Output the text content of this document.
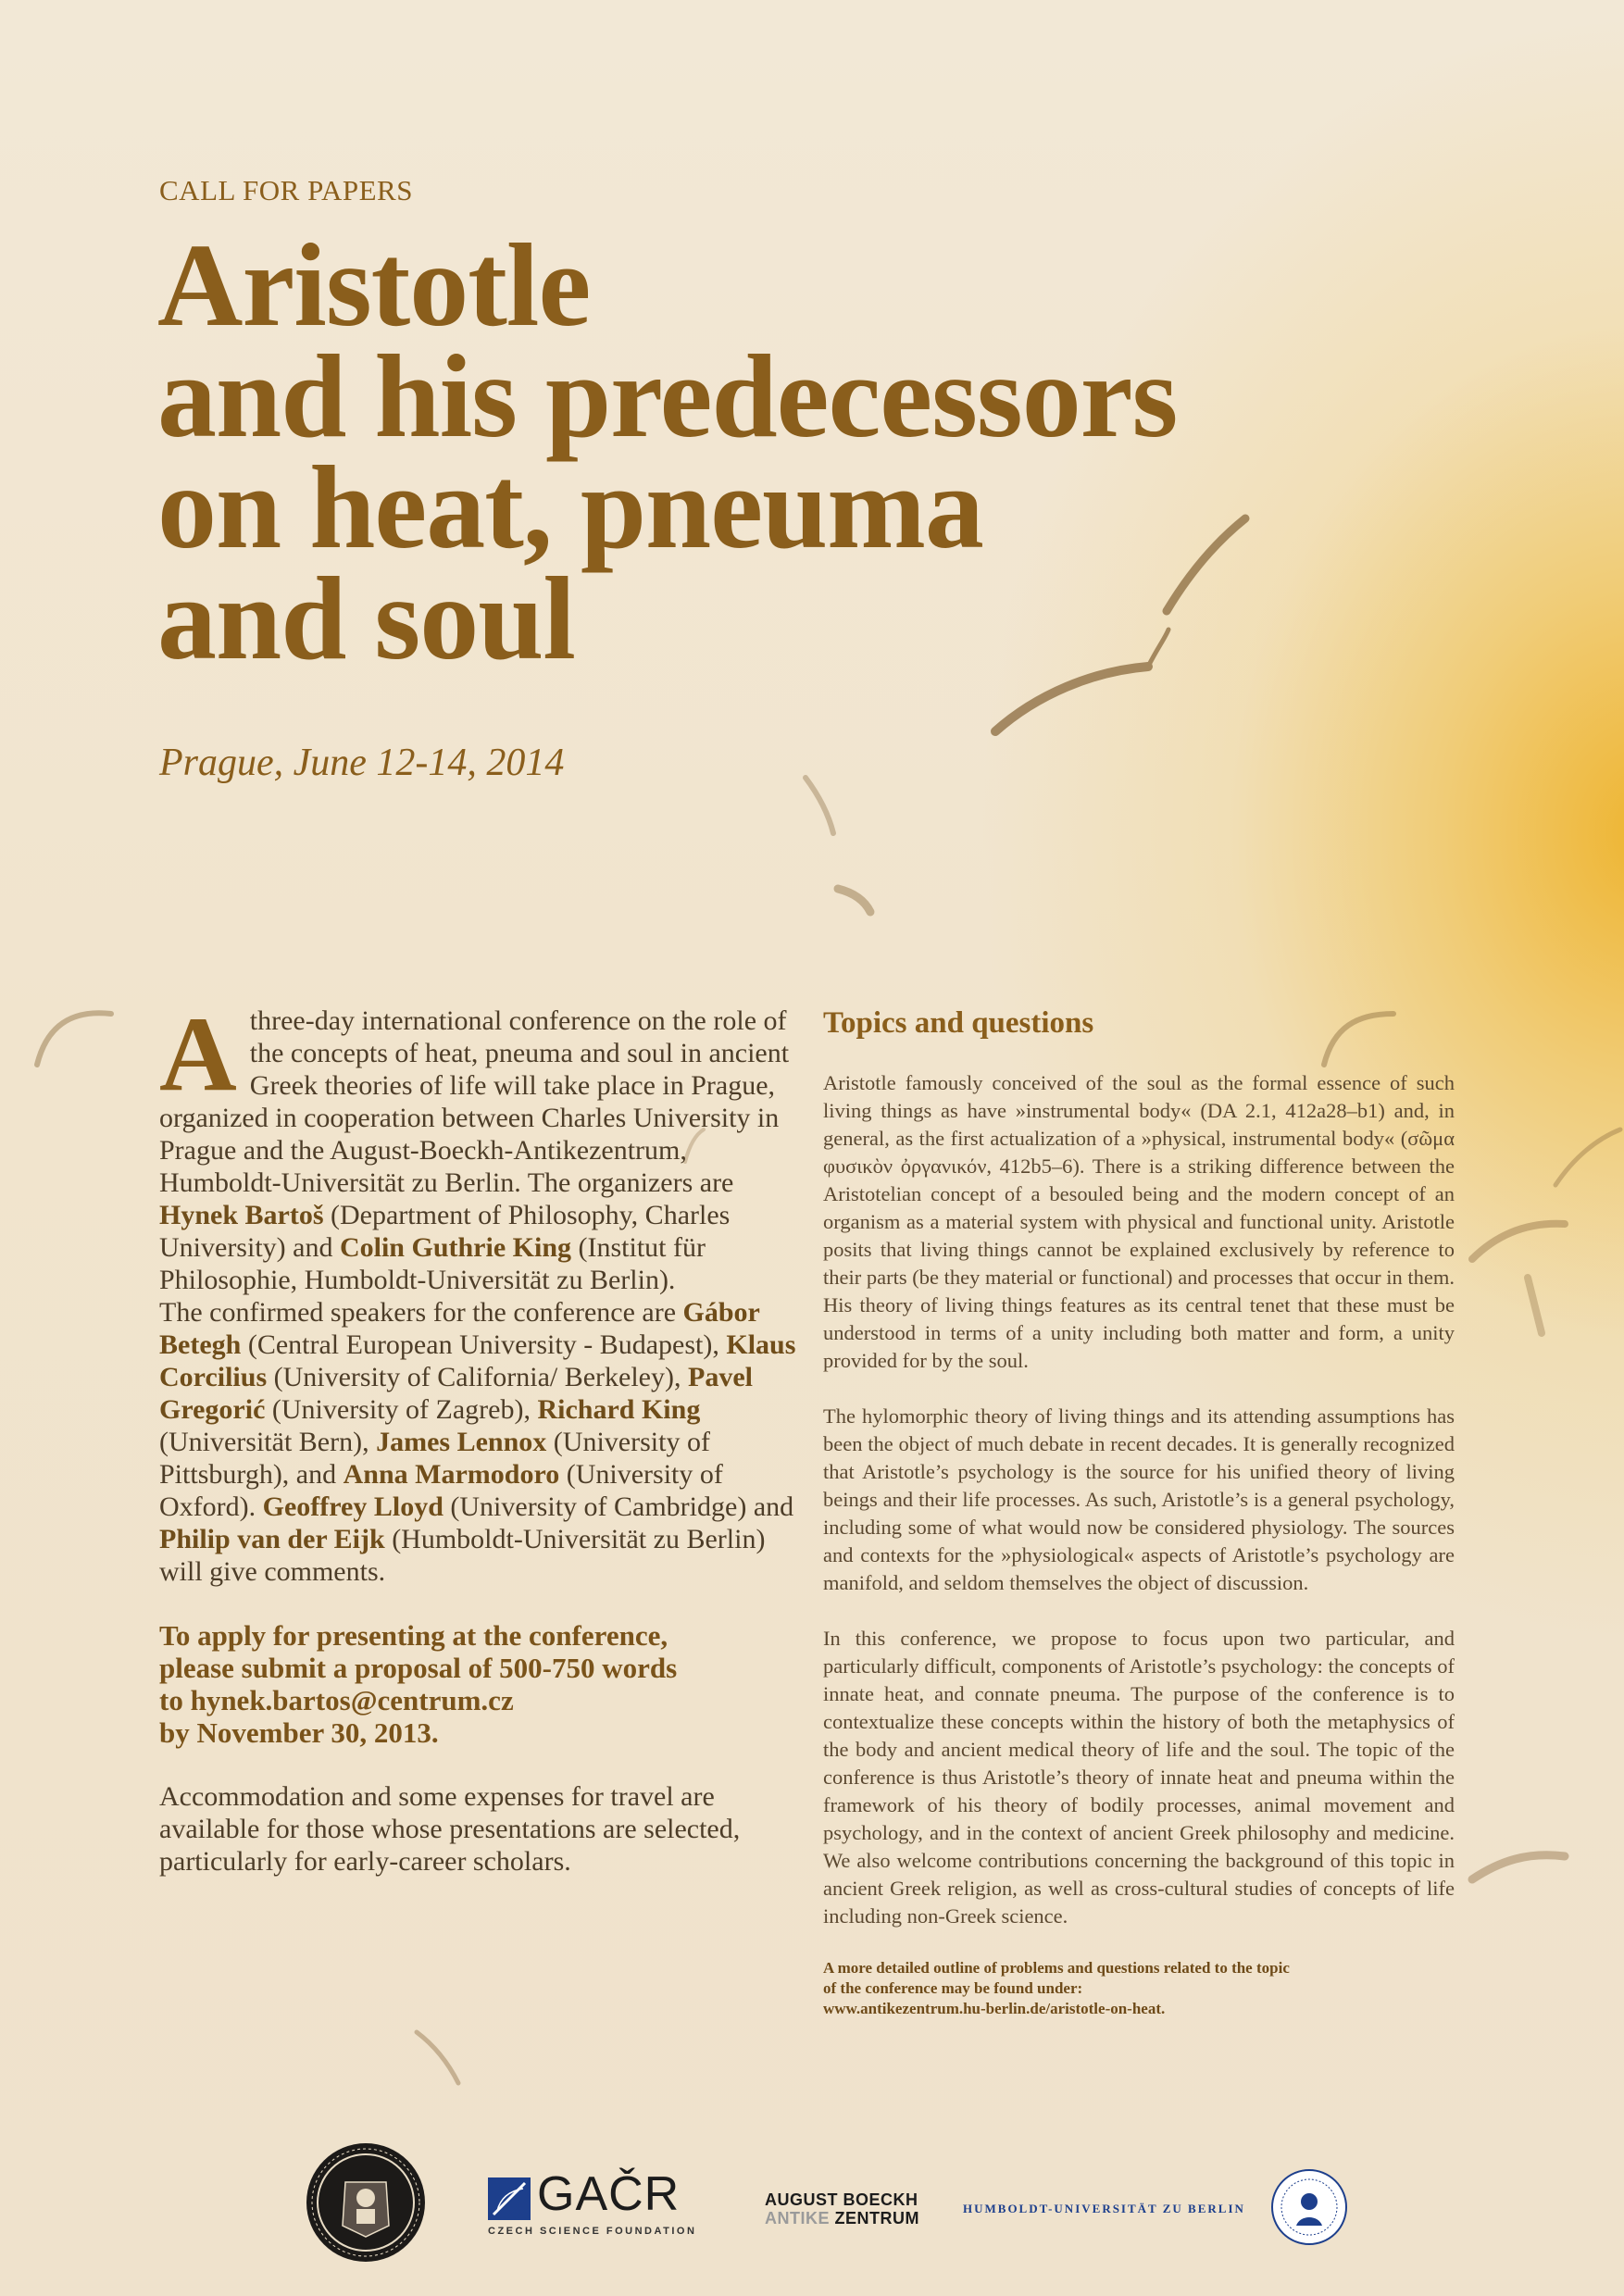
CALL FOR PAPERS
Aristotle
and his predecessors
on heat, pneuma
and soul
Prague, June 12-14, 2014

Athree-day international conference on the role of the concepts of heat, pneuma and soul in ancient Greek theories of life will take place in Prague, organized in cooperation between Charles University in Prague and the August-Boeckh-Antikezentrum, Humboldt-Universität zu Berlin. The organizers are Hynek Bartoš (Department of Philosophy, Charles University) and Colin Guthrie King (Institut für Philosophie, Humboldt-Universität zu Berlin).

The confirmed speakers for the conference are Gábor Betegh (Central European University - Budapest), Klaus Corcilius (University of California/ Berkeley), Pavel Gregorić (University of Zagreb), Richard King (Universität Bern), James Lennox (University of Pittsburgh), and Anna Marmodoro (University of Oxford). Geoffrey Lloyd (University of Cambridge) and Philip van der Eijk (Humboldt-Universität zu Berlin) will give comments.

To apply for presenting at the conference,
please submit a proposal of 500-750 words
to hynek.bartos@centrum.cz
by November 30, 2013.

Accommodation and some expenses for travel are available for those whose presentations are selected, particularly for early-career scholars.

Topics and questions

Aristotle famously conceived of the soul as the formal essence of such living things as have »instrumental body« (DA 2.1, 412a28–b1) and, in general, as the first actualization of a »physical, instrumental body« (σῶμα φυσικὸν ὀργανικόν, 412b5–6). There is a striking difference between the Aristotelian concept of a besouled being and the modern concept of an organism as a material system with physical and functional unity. Aristotle posits that living things cannot be explained exclusively by reference to their parts (be they material or functional) and processes that occur in them. His theory of living things features as its central tenet that these must be understood in terms of a unity including both matter and form, a unity provided for by the soul.

The hylomorphic theory of living things and its attending assumptions has been the object of much debate in recent decades. It is generally recognized that Aristotle’s psychology is the source for his unified theory of living beings and their life processes. As such, Aristotle’s is a general psychology, including some of what would now be considered physiology. The sources and contexts for the »physiological« aspects of Aristotle’s psychology are manifold, and seldom themselves the object of discussion.

In this conference, we propose to focus upon two particular, and particularly difficult, components of Aristotle’s psychology: the concepts of innate heat, and connate pneuma. The purpose of the conference is to contextualize these concepts within the history of both the metaphysics of the body and ancient medical theory of life and the soul. The topic of the conference is thus Aristotle’s theory of innate heat and pneuma within the framework of his theory of bodily processes, animal movement and psychology, and in the context of ancient Greek philosophy and medicine. We also welcome contributions concerning the background of this topic in ancient Greek religion, as well as cross-cultural studies of concepts of life including non-Greek science.

A more detailed outline of problems and questions related to the topic
of the conference may be found under:
www.antikezentrum.hu-berlin.de/aristotle-on-heat.

GAČR
CZECH SCIENCE FOUNDATION
AUGUST BOECKH
ANTIKE ZENTRUM
HUMBOLDT-UNIVERSITÄT ZU BERLIN
